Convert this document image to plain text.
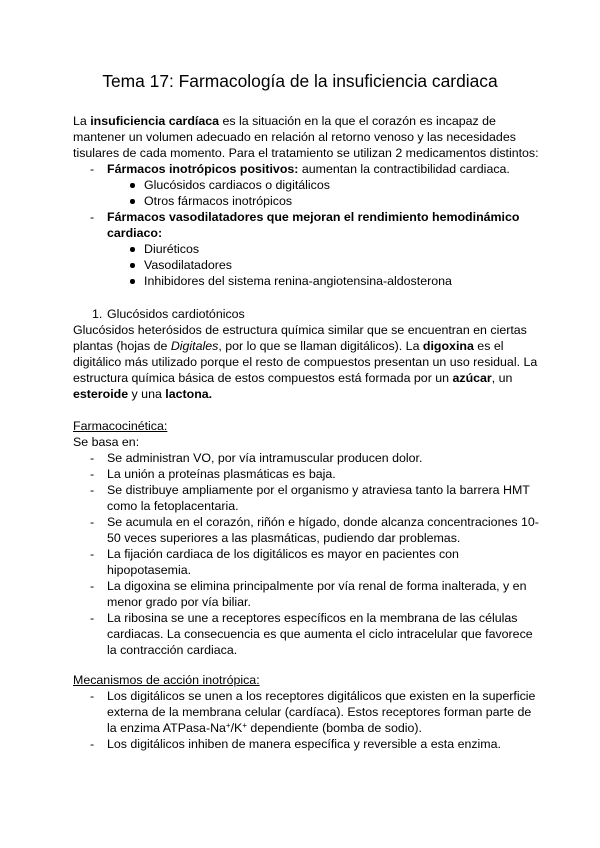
Tema 17: Farmacología de la insuficiencia cardiaca

La insuficiencia cardíaca es la situación en la que el corazón es incapaz de mantener un volumen adecuado en relación al retorno venoso y las necesidades tisulares de cada momento. Para el tratamiento se utilizan 2 medicamentos distintos:

- Fármacos inotrópicos positivos: aumentan la contractibilidad cardiaca.
Glucósidos cardiacos o digitálicos
Otros fármacos inotrópicos
- Fármacos vasodilatadores que mejoran el rendimiento hemodinámico cardiaco:
Diuréticos
Vasodilatadores
Inhibidores del sistema renina-angiotensina-aldosterona
1. Glucósidos cardiotónicos

Glucósidos heterósidos de estructura química similar que se encuentran en ciertas plantas (hojas de Digitales, por lo que se llaman digitálicos). La digoxina es el digitálico más utilizado porque el resto de compuestos presentan un uso residual. La estructura química básica de estos compuestos está formada por un azúcar, un esteroide y una lactona.

Farmacocinética:

Se basa en:

- Se administran VO, por vía intramuscular producen dolor.
- La unión a proteínas plasmáticas es baja.
- Se distribuye ampliamente por el organismo y atraviesa tanto la barrera HMT como la fetoplacentaria.
- Se acumula en el corazón, riñón e hígado, donde alcanza concentraciones 10-50 veces superiores a las plasmáticas, pudiendo dar problemas.
- La fijación cardiaca de los digitálicos es mayor en pacientes con hipopotasemia.
- La digoxina se elimina principalmente por vía renal de forma inalterada, y en menor grado por vía biliar.
- La ribosina se une a receptores específicos en la membrana de las células cardiacas. La consecuencia es que aumenta el ciclo intracelular que favorece la contracción cardiaca.

Mecanismos de acción inotrópica:

- Los digitálicos se unen a los receptores digitálicos que existen en la superficie externa de la membrana celular (cardíaca). Estos receptores forman parte de la enzima ATPasa-Na+/K+ dependiente (bomba de sodio).
- Los digitálicos inhiben de manera específica y reversible a esta enzima.
